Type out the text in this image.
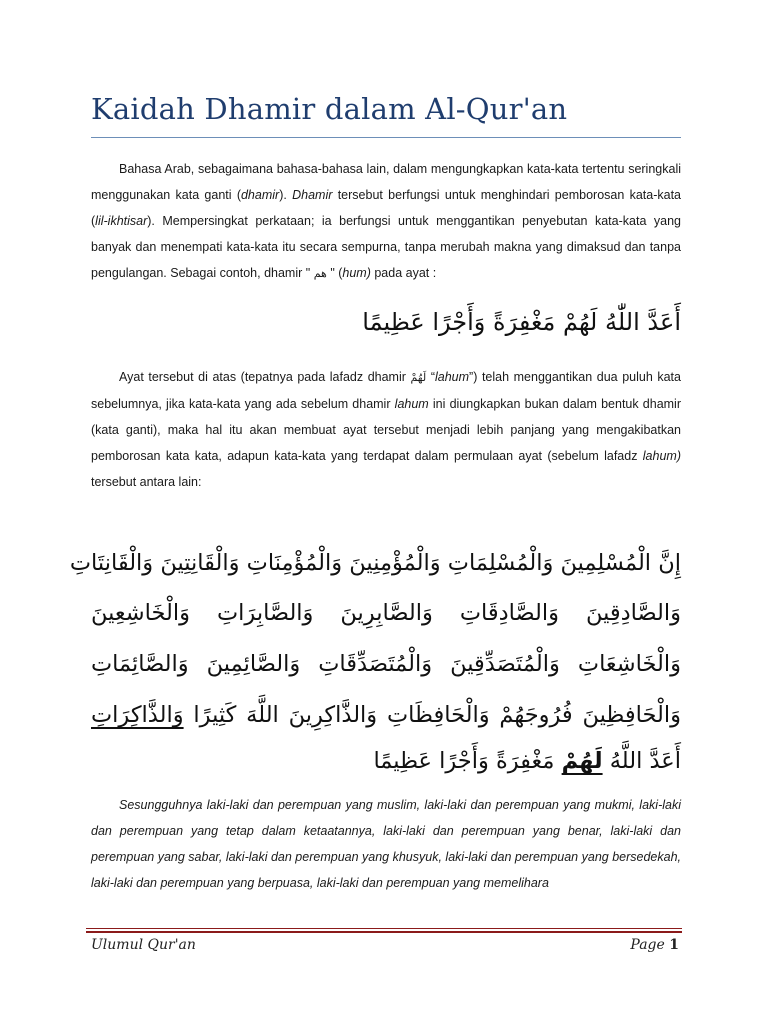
Kaidah Dhamir dalam Al-Qur'an
Bahasa Arab, sebagaimana bahasa-bahasa lain, dalam mengungkapkan kata-kata tertentu seringkali menggunakan kata ganti (dhamir). Dhamir tersebut berfungsi untuk menghindari pemborosan kata-kata (lil-ikhtisar). Mempersingkat perkataan; ia berfungsi untuk menggantikan penyebutan kata-kata yang banyak dan menempati kata-kata itu secara sempurna, tanpa merubah makna yang dimaksud dan tanpa pengulangan. Sebagai contoh, dhamir " هم " (hum) pada ayat :
أَعَدَّ اللّٰهُ لَهُمْ مَغْفِرَةً وَأَجْرًا عَظِيمًا
Ayat tersebut di atas (tepatnya pada lafadz dhamir لَهُمْ “lahum”) telah menggantikan dua puluh kata sebelumnya, jika kata-kata yang ada sebelum dhamir lahum ini diungkapkan bukan dalam bentuk dhamir (kata ganti), maka hal itu akan membuat ayat tersebut menjadi lebih panjang yang mengakibatkan pemborosan kata kata, adapun kata-kata yang terdapat dalam permulaan ayat (sebelum lafadz lahum) tersebut antara lain:
إِنَّ الْمُسْلِمِينَ وَالْمُسْلِمَاتِ وَالْمُؤْمِنِينَ وَالْمُؤْمِنَاتِ وَالْقَانِتِينَ وَالْقَانِتَاتِ
وَالصَّادِقِينَ وَالصَّادِقَاتِ وَالصَّابِرِينَ وَالصَّابِرَاتِ وَالْخَاشِعِينَ
وَالْخَاشِعَاتِ وَالْمُتَصَدِّقِينَ وَالْمُتَصَدِّقَاتِ وَالصَّائِمِينَ وَالصَّائِمَاتِ
وَالْحَافِظِينَ فُرُوجَهُمْ وَالْحَافِظَاتِ وَالذَّاكِرِينَ اللَّهَ كَثِيرًا وَالذَّاكِرَاتِ
أَعَدَّ اللَّهُ لَهُمْ مَغْفِرَةً وَأَجْرًا عَظِيمًا
Sesungguhnya laki-laki dan perempuan yang muslim, laki-laki dan perempuan yang mukmi, laki-laki dan perempuan yang tetap dalam ketaatannya, laki-laki dan perempuan yang benar, laki-laki dan perempuan yang sabar, laki-laki dan perempuan yang khusyuk, laki-laki dan perempuan yang bersedekah, laki-laki dan perempuan yang berpuasa, laki-laki dan perempuan yang memelihara
Ulumul Qur'an	Page 1
